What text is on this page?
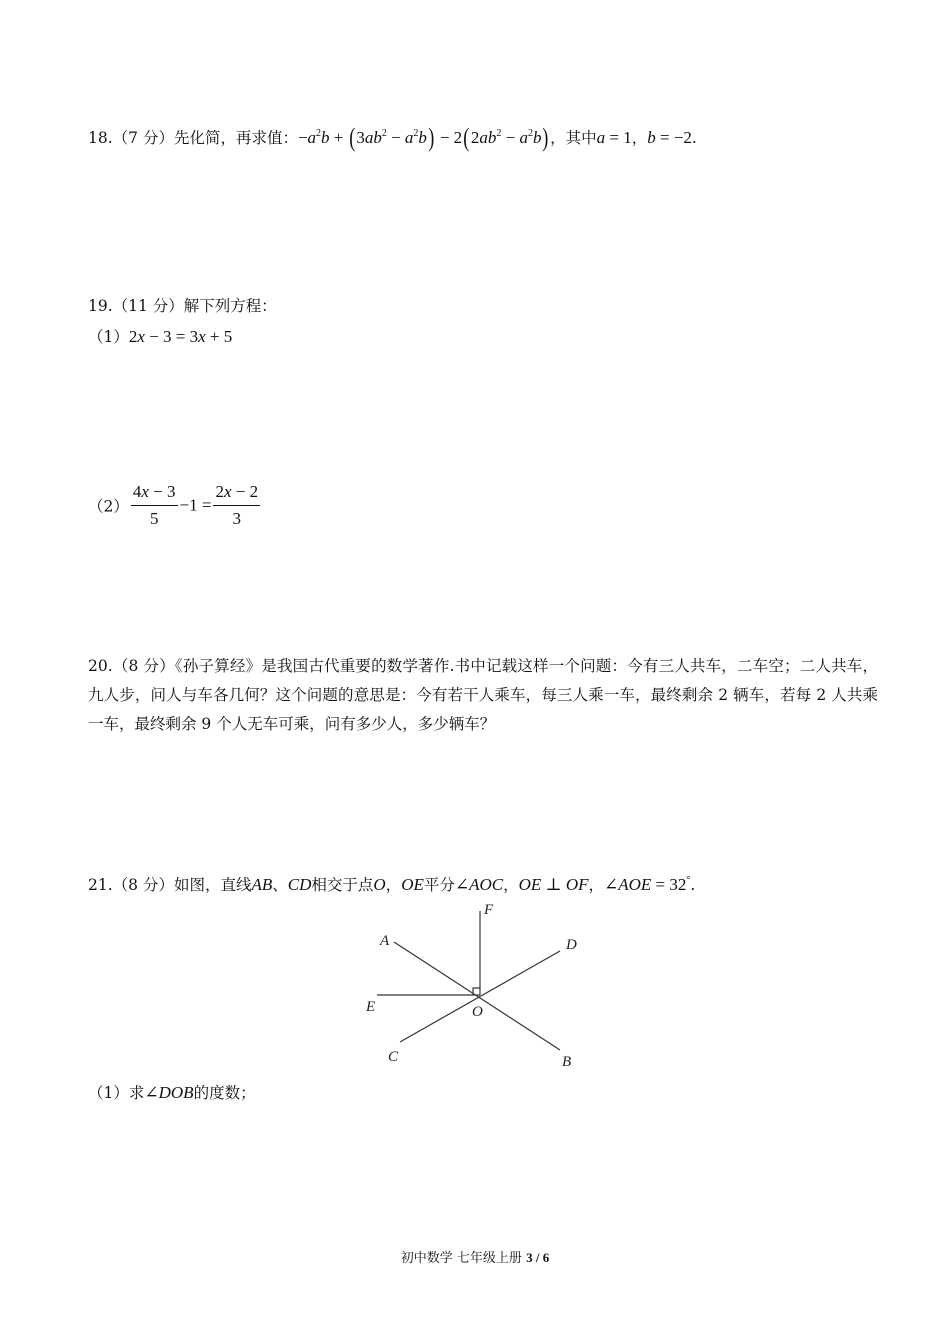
18.（7 分）先化简，再求值：$-a^2b + (3ab^2 - a^2b) - 2(2ab^2 - a^2b)$，其中a = 1，b = −2.
19.（11 分）解下列方程：
（1）2x − 3 = 3x + 5
$(2) \frac{4x - 3}{5} -1 = \frac{2x - 2}{3}$
20.（8 分）《孙子算经》是我国古代重要的数学著作.书中记载这样一个问题：今有三人共车，二车空；二人共车，九人步，问人与车各几何？这个问题的意思是：今有若干人乘车，每三人乘一车，最终剩余 2 辆车，若每 2 人共乘一车，最终剩余 9 个人无车可乘，问有多少人，多少辆车？
21.（8 分）如图，直线AB、CD相交于点O，OE平分∠AOC，OE ⊥ OF，∠AOE = 32°.
F
A	D
E	O
C	B
（1）求∠DOB的度数；
初中数学 七年级上册 3 / 6
